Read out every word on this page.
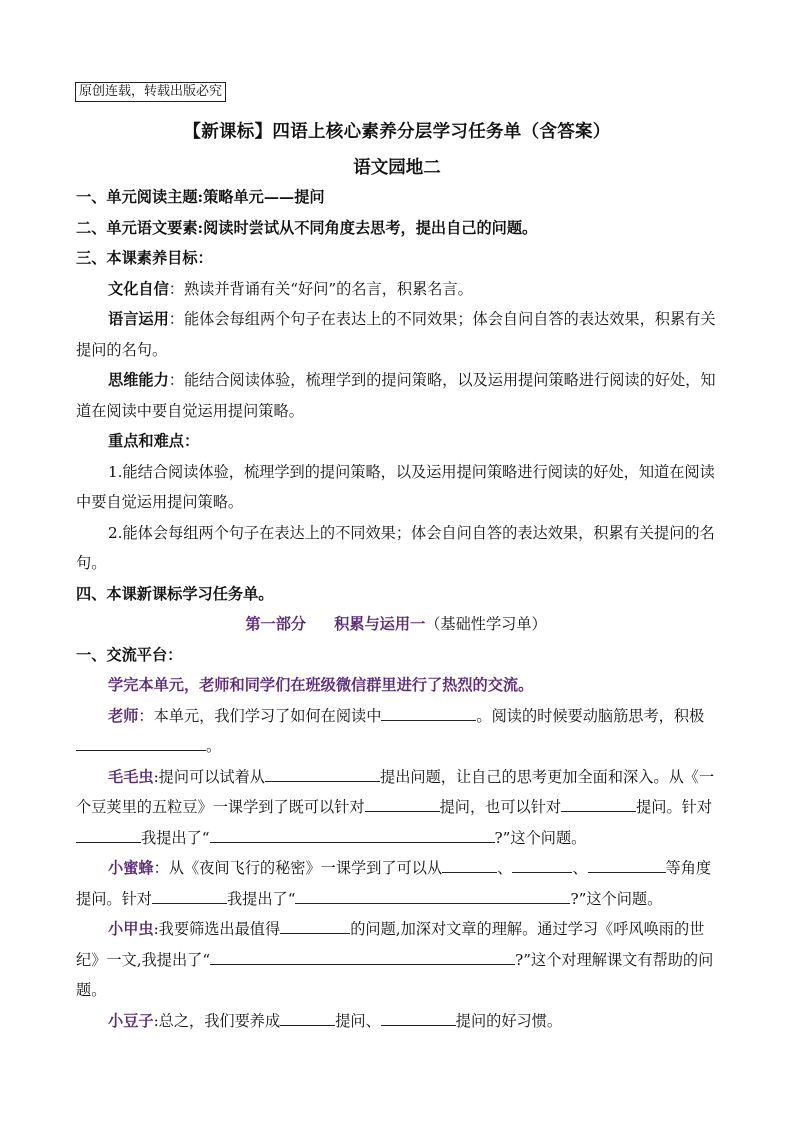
原创连载，转载出版必究
【新课标】四语上核心素养分层学习任务单（含答案）
语文园地二

一、单元阅读主题:策略单元——提问

二、单元语文要素:阅读时尝试从不同角度去思考，提出自己的问题。

三、本课素养目标：

文化自信：熟读并背诵有关“好问”的名言，积累名言。

语言运用：能体会每组两个句子在表达上的不同效果；体会自问自答的表达效果，积累有关提问的名句。

思维能力：能结合阅读体验，梳理学到的提问策略，以及运用提问策略进行阅读的好处，知道在阅读中要自觉运用提问策略。

重点和难点：

1.能结合阅读体验，梳理学到的提问策略，以及运用提问策略进行阅读的好处，知道在阅读中要自觉运用提问策略。

2.能体会每组两个句子在表达上的不同效果；体会自问自答的表达效果，积累有关提问的名句。

四、本课新课标学习任务单。

第一部分 积累与运用一（基础性学习单）

一、交流平台：

学完本单元，老师和同学们在班级微信群里进行了热烈的交流。

老师：本单元，我们学习了如何在阅读中	。阅读的时候要动脑筋思考，积极。

毛毛虫:提问可以试着从	提出问题，让自己的思考更加全面和深入。从《一个豆荚里的五粒豆》一课学到了既可以针对	提问，也可以针对	提问。针对我提出了“	?”这个问题。

小蜜蜂：从《夜间飞行的秘密》一课学到了可以从	、	、	等角度提问。针对	我提出了“	?”这个问题。

小甲虫:我要筛选出最值得	的问题,加深对文章的理解。通过学习《呼风唤雨的世纪》一文,我提出了“	?”这个对理解课文有帮助的问题。

小豆子:总之，我们要养成	提问、	提问的好习惯。
